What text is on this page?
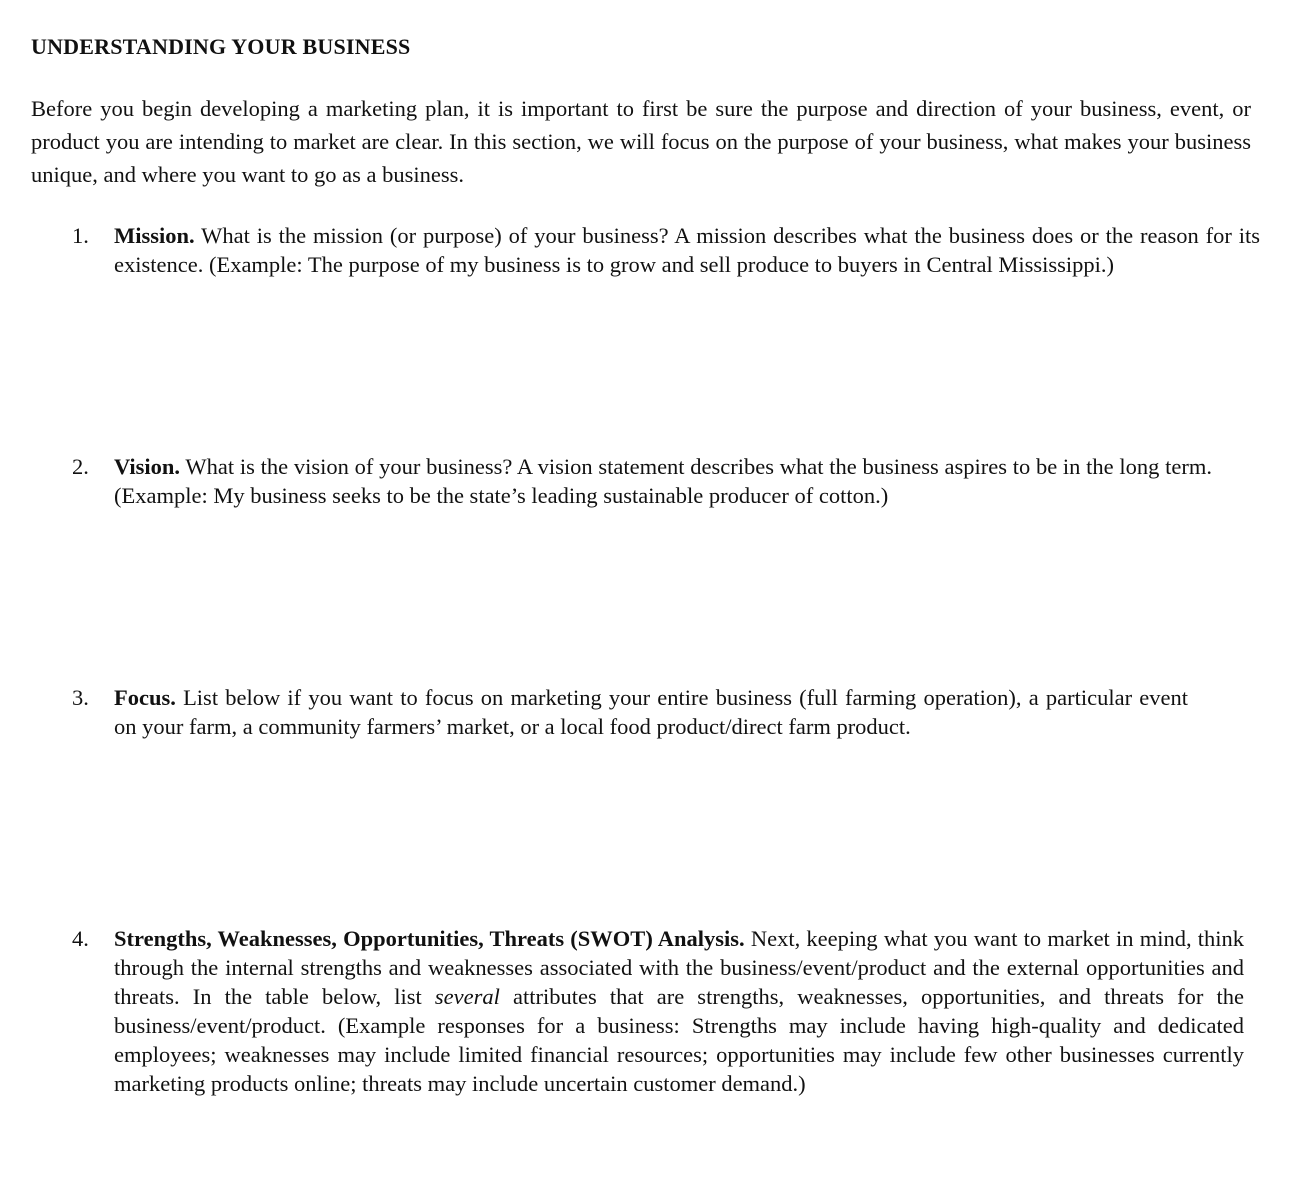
UNDERSTANDING YOUR BUSINESS

Before you begin developing a marketing plan, it is important to first be sure the purpose and direction of your business, event, or product you are intending to market are clear. In this section, we will focus on the purpose of your business, what makes your business unique, and where you want to go as a business.

1.	Mission. What is the mission (or purpose) of your business? A mission describes what the business does or the reason for its existence. (Example: The purpose of my business is to grow and sell produce to buyers in Central Mississippi.)
2.	Vision. What is the vision of your business? A vision statement describes what the business aspires to be in the long term. (Example: My business seeks to be the state’s leading sustainable producer of cotton.)
3.	Focus. List below if you want to focus on marketing your entire business (full farming operation), a particular event on your farm, a community farmers’ market, or a local food product/direct farm product.
4.	Strengths, Weaknesses, Opportunities, Threats (SWOT) Analysis. Next, keeping what you want to market in mind, think through the internal strengths and weaknesses associated with the business/event/product and the external opportunities and threats. In the table below, list several attributes that are strengths, weaknesses, opportunities, and threats for the business/event/product. (Example responses for a business: Strengths may include having high-quality and dedicated employees; weaknesses may include limited financial resources; opportunities may include few other businesses currently marketing products online; threats may include uncertain customer demand.)
